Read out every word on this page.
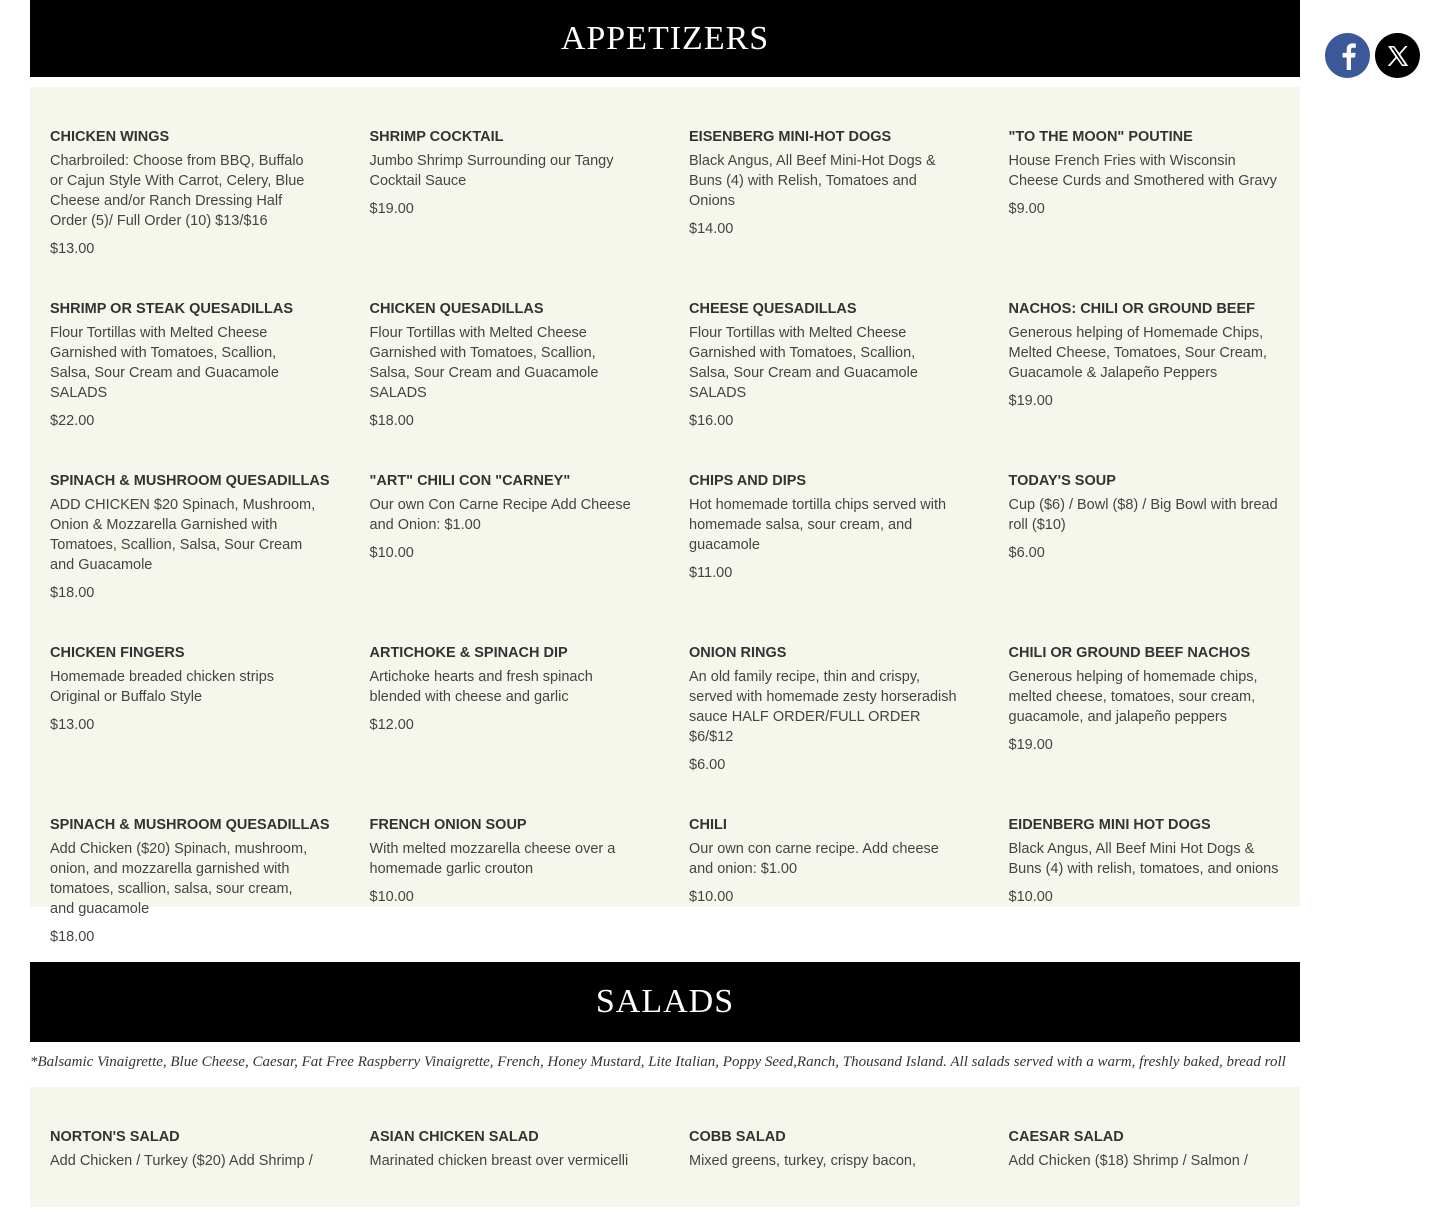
APPETIZERS
CHICKEN WINGS
Charbroiled: Choose from BBQ, Buffalo or Cajun Style With Carrot, Celery, Blue Cheese and/or Ranch Dressing Half Order (5)/ Full Order (10) $13/$16
$13.00
SHRIMP COCKTAIL
Jumbo Shrimp Surrounding our Tangy Cocktail Sauce
$19.00
EISENBERG MINI-HOT DOGS
Black Angus, All Beef Mini-Hot Dogs & Buns (4) with Relish, Tomatoes and Onions
$14.00
"TO THE MOON" POUTINE
House French Fries with Wisconsin Cheese Curds and Smothered with Gravy
$9.00
SHRIMP OR STEAK QUESADILLAS
Flour Tortillas with Melted Cheese Garnished with Tomatoes, Scallion, Salsa, Sour Cream and Guacamole SALADS
$22.00
CHICKEN QUESADILLAS
Flour Tortillas with Melted Cheese Garnished with Tomatoes, Scallion, Salsa, Sour Cream and Guacamole SALADS
$18.00
CHEESE QUESADILLAS
Flour Tortillas with Melted Cheese Garnished with Tomatoes, Scallion, Salsa, Sour Cream and Guacamole SALADS
$16.00
NACHOS: CHILI OR GROUND BEEF
Generous helping of Homemade Chips, Melted Cheese, Tomatoes, Sour Cream, Guacamole & Jalapeño Peppers
$19.00
SPINACH & MUSHROOM QUESADILLAS
ADD CHICKEN $20 Spinach, Mushroom, Onion & Mozzarella Garnished with Tomatoes, Scallion, Salsa, Sour Cream and Guacamole
$18.00
"ART" CHILI CON "CARNEY"
Our own Con Carne Recipe Add Cheese and Onion: $1.00
$10.00
CHIPS AND DIPS
Hot homemade tortilla chips served with homemade salsa, sour cream, and guacamole
$11.00
TODAY'S SOUP
Cup ($6) / Bowl ($8) / Big Bowl with bread roll ($10)
$6.00
CHICKEN FINGERS
Homemade breaded chicken strips Original or Buffalo Style
$13.00
ARTICHOKE & SPINACH DIP
Artichoke hearts and fresh spinach blended with cheese and garlic
$12.00
ONION RINGS
An old family recipe, thin and crispy, served with homemade zesty horseradish sauce HALF ORDER/FULL ORDER $6/$12
$6.00
CHILI OR GROUND BEEF NACHOS
Generous helping of homemade chips, melted cheese, tomatoes, sour cream, guacamole, and jalapeño peppers
$19.00
SPINACH & MUSHROOM QUESADILLAS
Add Chicken ($20) Spinach, mushroom, onion, and mozzarella garnished with tomatoes, scallion, salsa, sour cream, and guacamole
$18.00
FRENCH ONION SOUP
With melted mozzarella cheese over a homemade garlic crouton
$10.00
CHILI
Our own con carne recipe. Add cheese and onion: $1.00
$10.00
EIDENBERG MINI HOT DOGS
Black Angus, All Beef Mini Hot Dogs & Buns (4) with relish, tomatoes, and onions
$10.00
SALADS
*Balsamic Vinaigrette, Blue Cheese, Caesar, Fat Free Raspberry Vinaigrette, French, Honey Mustard, Lite Italian, Poppy Seed,Ranch, Thousand Island. All salads served with a warm, freshly baked, bread roll
NORTON'S SALAD
Add Chicken / Turkey ($20) Add Shrimp /
ASIAN CHICKEN SALAD
Marinated chicken breast over vermicelli
COBB SALAD
Mixed greens, turkey, crispy bacon,
CAESAR SALAD
Add Chicken ($18) Shrimp / Salmon /
